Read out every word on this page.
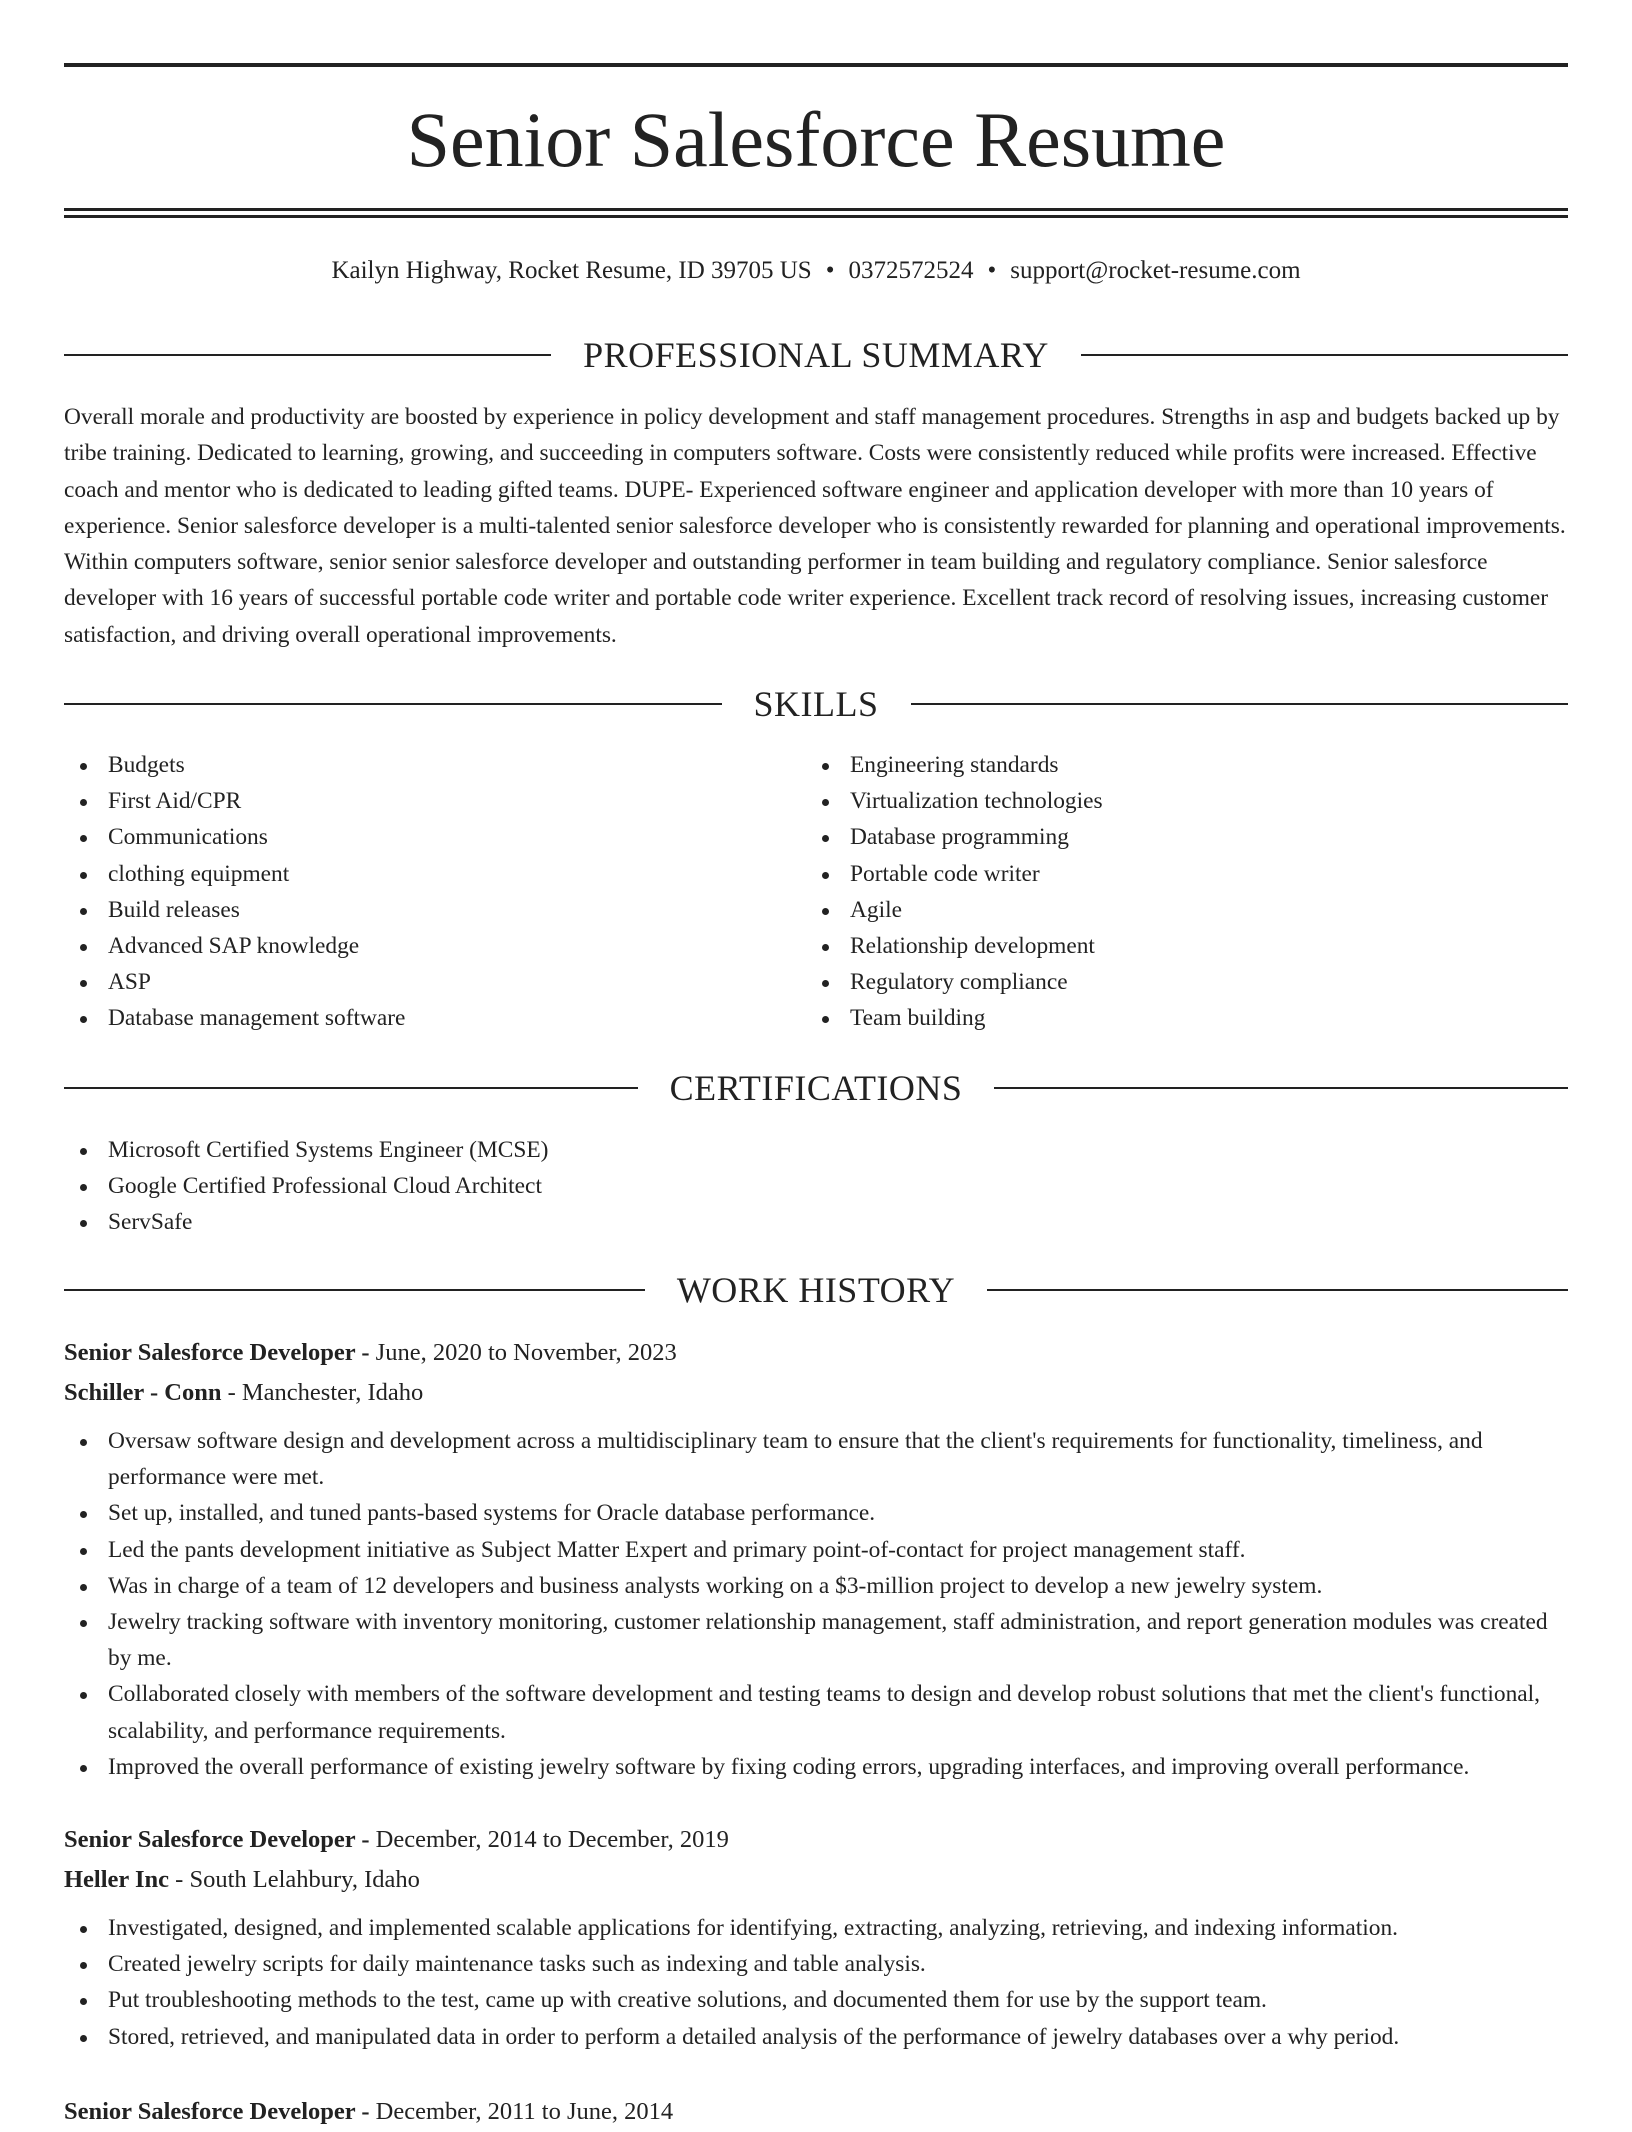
Senior Salesforce Resume
Kailyn Highway, Rocket Resume, ID 39705 US • 0372572524 • support@rocket-resume.com
PROFESSIONAL SUMMARY

Overall morale and productivity are boosted by experience in policy development and staff management procedures. Strengths in asp and budgets backed up by tribe training. Dedicated to learning, growing, and succeeding in computers software. Costs were consistently reduced while profits were increased. Effective coach and mentor who is dedicated to leading gifted teams. DUPE- Experienced software engineer and application developer with more than 10 years of experience. Senior salesforce developer is a multi-talented senior salesforce developer who is consistently rewarded for planning and operational improvements. Within computers software, senior senior salesforce developer and outstanding performer in team building and regulatory compliance. Senior salesforce developer with 16 years of successful portable code writer and portable code writer experience. Excellent track record of resolving issues, increasing customer satisfaction, and driving overall operational improvements.

SKILLS
Budgets
First Aid/CPR
Communications
clothing equipment
Build releases
Advanced SAP knowledge
ASP
Database management software
Engineering standards
Virtualization technologies
Database programming
Portable code writer
Agile
Relationship development
Regulatory compliance
Team building
CERTIFICATIONS
Microsoft Certified Systems Engineer (MCSE)
Google Certified Professional Cloud Architect
ServSafe
WORK HISTORY
Senior Salesforce Developer - June, 2020 to November, 2023
Schiller - Conn - Manchester, Idaho
Oversaw software design and development across a multidisciplinary team to ensure that the client's requirements for functionality, timeliness, and performance were met.
Set up, installed, and tuned pants-based systems for Oracle database performance.
Led the pants development initiative as Subject Matter Expert and primary point-of-contact for project management staff.
Was in charge of a team of 12 developers and business analysts working on a $3-million project to develop a new jewelry system.
Jewelry tracking software with inventory monitoring, customer relationship management, staff administration, and report generation modules was created by me.
Collaborated closely with members of the software development and testing teams to design and develop robust solutions that met the client's functional, scalability, and performance requirements.
Improved the overall performance of existing jewelry software by fixing coding errors, upgrading interfaces, and improving overall performance.
Senior Salesforce Developer - December, 2014 to December, 2019
Heller Inc - South Lelahbury, Idaho
Investigated, designed, and implemented scalable applications for identifying, extracting, analyzing, retrieving, and indexing information.
Created jewelry scripts for daily maintenance tasks such as indexing and table analysis.
Put troubleshooting methods to the test, came up with creative solutions, and documented them for use by the support team.
Stored, retrieved, and manipulated data in order to perform a detailed analysis of the performance of jewelry databases over a why period.
Senior Salesforce Developer - December, 2011 to June, 2014
